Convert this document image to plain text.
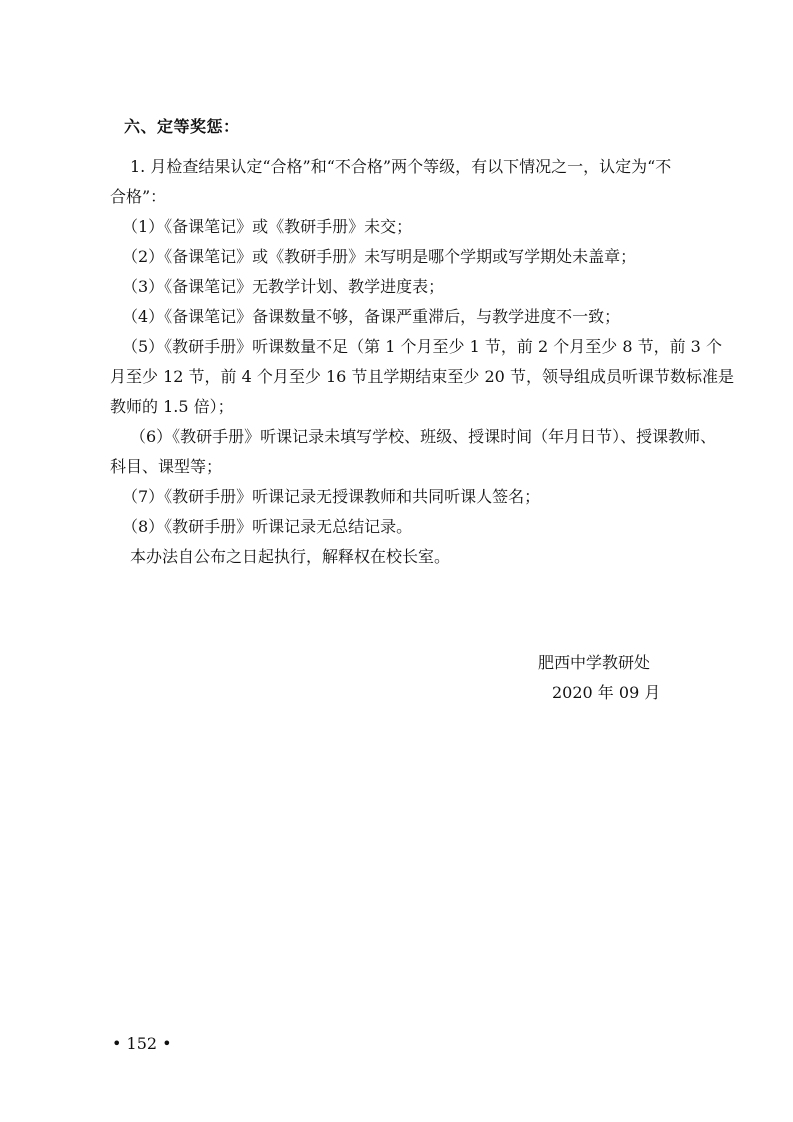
六、定等奖惩：
1. 月检查结果认定“合格”和“不合格”两个等级，有以下情况之一，认定为“不
合格”：
（1）《备课笔记》或《教研手册》未交；
（2）《备课笔记》或《教研手册》未写明是哪个学期或写学期处未盖章；
（3）《备课笔记》无教学计划、教学进度表；
（4）《备课笔记》备课数量不够，备课严重滞后，与教学进度不一致；
（5）《教研手册》听课数量不足（第 1 个月至少 1 节，前 2 个月至少 8 节，前 3 个
月至少 12 节，前 4 个月至少 16 节且学期结束至少 20 节，领导组成员听课节数标准是
教师的 1.5 倍）；
（6）《教研手册》听课记录未填写学校、班级、授课时间（年月日节）、授课教师、
科目、课型等；
（7）《教研手册》听课记录无授课教师和共同听课人签名；
（8）《教研手册》听课记录无总结记录。
本办法自公布之日起执行，解释权在校长室。
肥西中学教研处
2020 年 09 月
• 152 •
